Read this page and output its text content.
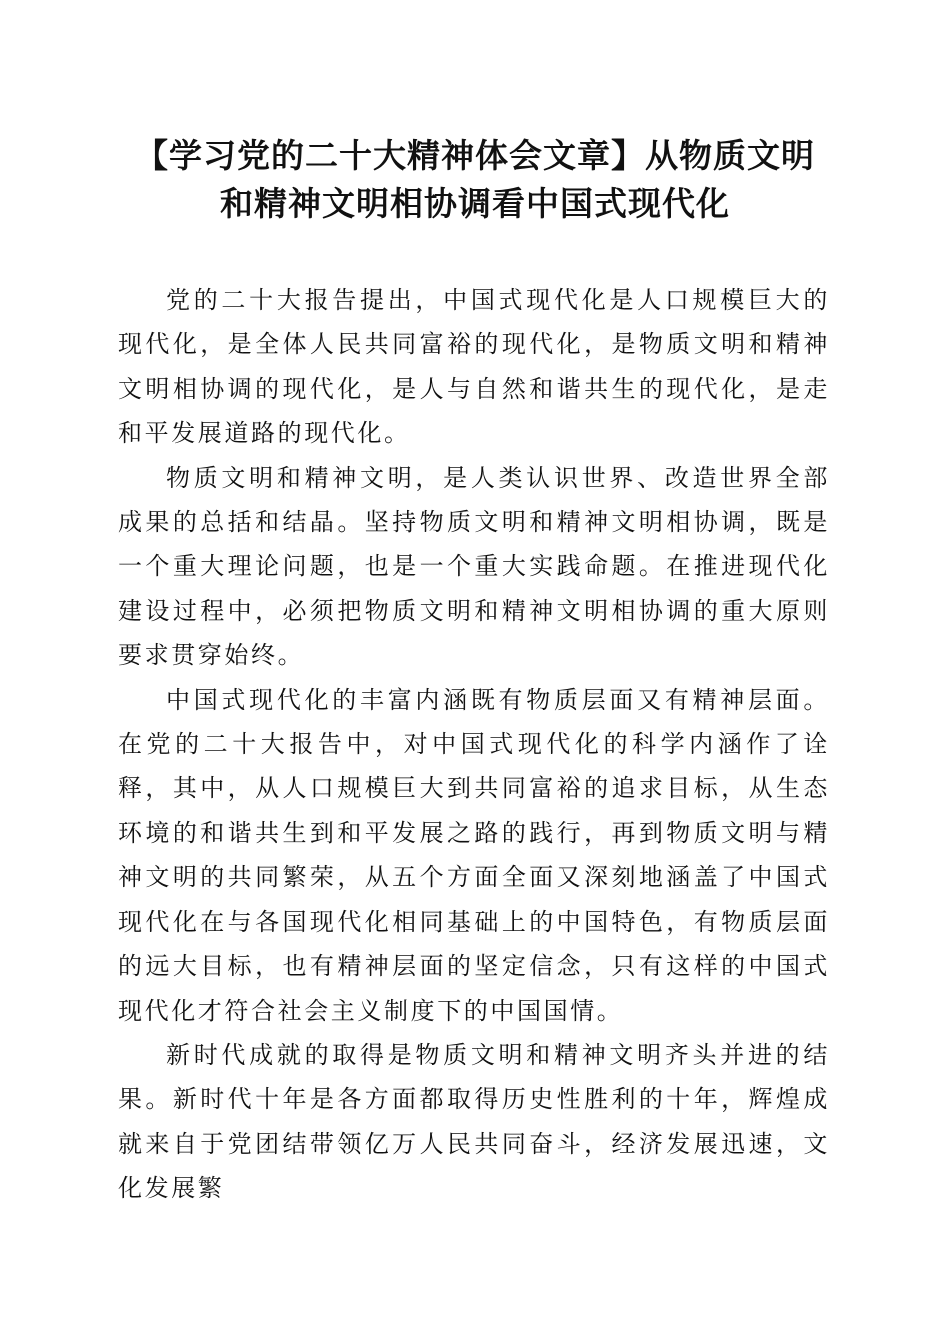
【学习党的二十大精神体会文章】从物质文明
和精神文明相协调看中国式现代化

党的二十大报告提出，中国式现代化是人口规模巨大的现代化，是全体人民共同富裕的现代化，是物质文明和精神文明相协调的现代化，是人与自然和谐共生的现代化，是走和平发展道路的现代化。

物质文明和精神文明，是人类认识世界、改造世界全部成果的总括和结晶。坚持物质文明和精神文明相协调，既是一个重大理论问题，也是一个重大实践命题。在推进现代化建设过程中，必须把物质文明和精神文明相协调的重大原则要求贯穿始终。

中国式现代化的丰富内涵既有物质层面又有精神层面。在党的二十大报告中，对中国式现代化的科学内涵作了诠释，其中，从人口规模巨大到共同富裕的追求目标，从生态环境的和谐共生到和平发展之路的践行，再到物质文明与精神文明的共同繁荣，从五个方面全面又深刻地涵盖了中国式现代化在与各国现代化相同基础上的中国特色，有物质层面的远大目标，也有精神层面的坚定信念，只有这样的中国式现代化才符合社会主义制度下的中国国情。

新时代成就的取得是物质文明和精神文明齐头并进的结果。新时代十年是各方面都取得历史性胜利的十年，辉煌成就来自于党团结带领亿万人民共同奋斗，经济发展迅速，文化发展繁
